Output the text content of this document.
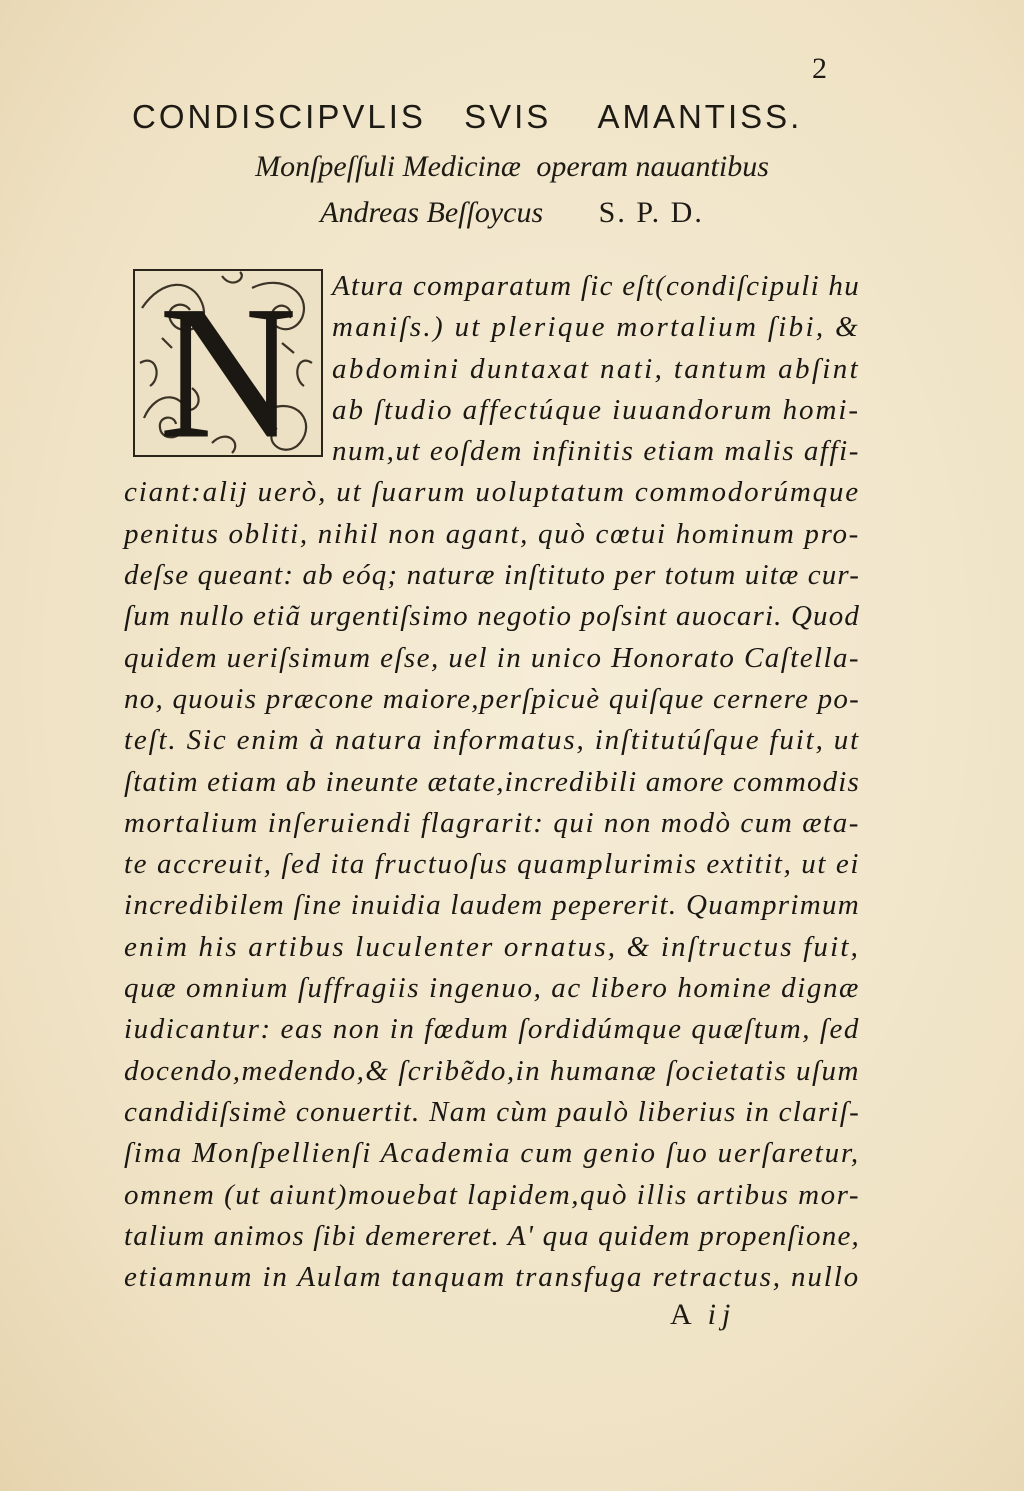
2
CONDISCIPVLIS SVIS AMANTISS.
Monſpeſſuli Medicinæ operam nauantibus
Andreas Beſſoycus S. P. D.
N	Atura comparatum ſic eſt(condiſcipuli hu
maniſs.) ut plerique mortalium ſibi, &
abdomini duntaxat nati, tantum abſint
ab ſtudio affectúque iuuandorum homi-
num,ut eoſdem infinitis etiam malis affi-
ciant:alij uerò, ut ſuarum uoluptatum commodorúmque
penitus obliti, nihil non agant, quò cœtui hominum pro-
deſse queant: ab eóq; naturæ inſtituto per totum uitæ cur-
ſum nullo etiã urgentiſsimo negotio poſsint auocari. Quod
quidem ueriſsimum eſse, uel in unico Honorato Caſtella-
no, quouis præcone maiore,perſpicuè quiſque cernere po-
teſt. Sic enim à natura informatus, inſtitutúſque fuit, ut
ſtatim etiam ab ineunte ætate,incredibili amore commodis
mortalium inſeruiendi flagrarit: qui non modò cum æta-
te accreuit, ſed ita fructuoſus quamplurimis extitit, ut ei
incredibilem ſine inuidia laudem pepererit. Quamprimum
enim his artibus luculenter ornatus, & inſtructus fuit,
quæ omnium ſuffragiis ingenuo, ac libero homine dignæ
iudicantur: eas non in fœdum ſordidúmque quæſtum, ſed
docendo,medendo,& ſcribẽdo,in humanæ ſocietatis uſum
candidiſsimè conuertit. Nam cùm paulò liberius in clariſ-
ſima Monſpellienſi Academia cum genio ſuo uerſaretur,
omnem (ut aiunt)mouebat lapidem,quò illis artibus mor-
talium animos ſibi demereret. A' qua quidem propenſione,
etiamnum in Aulam tanquam transfuga retractus, nullo
A ij
